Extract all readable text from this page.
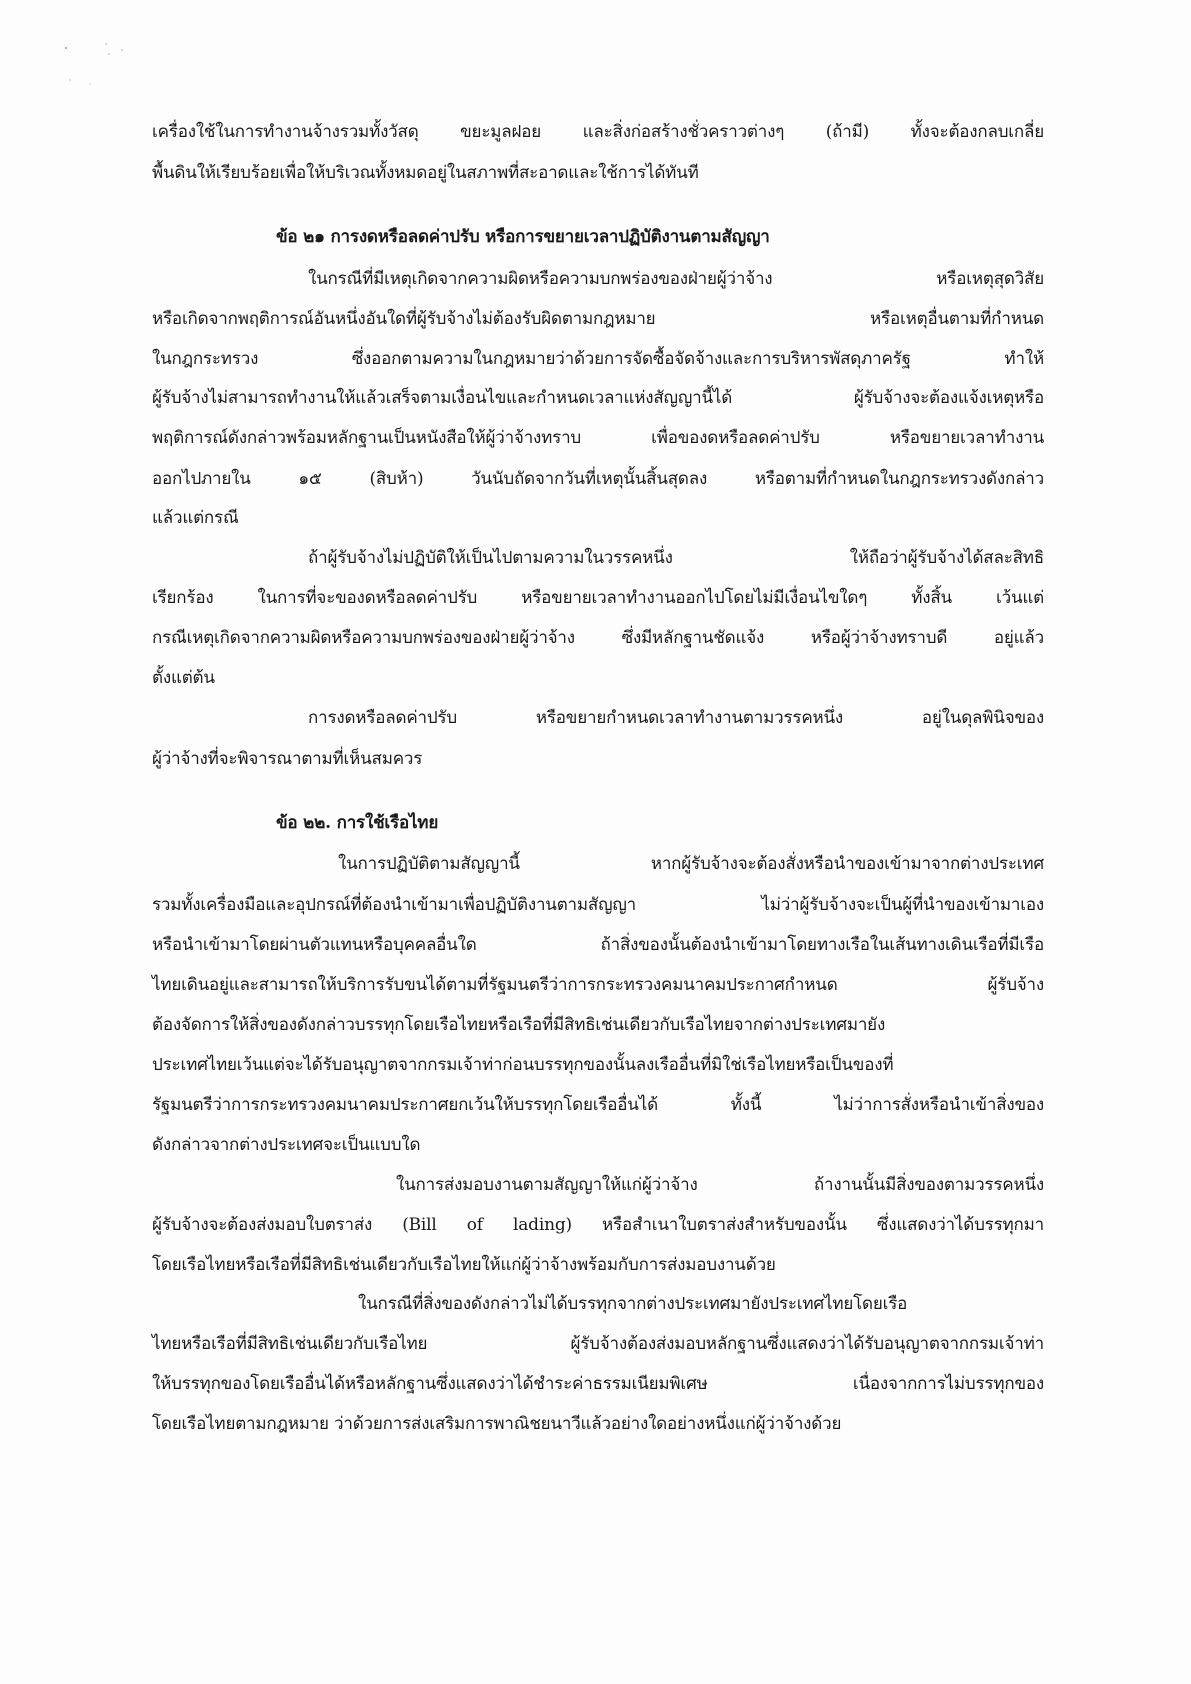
เครื่องใช้ในการทำงานจ้างรวมทั้งวัสดุ ขยะมูลฝอย และสิ่งก่อสร้างชั่วคราวต่างๆ (ถ้ามี) ทั้งจะต้องกลบเกลี่ย
พื้นดินให้เรียบร้อยเพื่อให้บริเวณทั้งหมดอยู่ในสภาพที่สะอาดและใช้การได้ทันที
ข้อ ๒๑ การงดหรือลดค่าปรับ หรือการขยายเวลาปฏิบัติงานตามสัญญา
ในกรณีที่มีเหตุเกิดจากความผิดหรือความบกพร่องของฝ่ายผู้ว่าจ้าง หรือเหตุสุดวิสัย
หรือเกิดจากพฤติการณ์อันหนึ่งอันใดที่ผู้รับจ้างไม่ต้องรับผิดตามกฎหมาย หรือเหตุอื่นตามที่กำหนด
ในกฎกระทรวง ซึ่งออกตามความในกฎหมายว่าด้วยการจัดซื้อจัดจ้างและการบริหารพัสดุภาครัฐ ทำให้
ผู้รับจ้างไม่สามารถทำงานให้แล้วเสร็จตามเงื่อนไขและกำหนดเวลาแห่งสัญญานี้ได้ ผู้รับจ้างจะต้องแจ้งเหตุหรือ
พฤติการณ์ดังกล่าวพร้อมหลักฐานเป็นหนังสือให้ผู้ว่าจ้างทราบ เพื่อของดหรือลดค่าปรับ หรือขยายเวลาทำงาน
ออกไปภายใน ๑๕ (สิบห้า) วันนับถัดจากวันที่เหตุนั้นสิ้นสุดลง หรือตามที่กำหนดในกฎกระทรวงดังกล่าว
แล้วแต่กรณี
ถ้าผู้รับจ้างไม่ปฏิบัติให้เป็นไปตามความในวรรคหนึ่ง ให้ถือว่าผู้รับจ้างได้สละสิทธิ
เรียกร้อง ในการที่จะของดหรือลดค่าปรับ หรือขยายเวลาทำงานออกไปโดยไม่มีเงื่อนไขใดๆ ทั้งสิ้น เว้นแต่
กรณีเหตุเกิดจากความผิดหรือความบกพร่องของฝ่ายผู้ว่าจ้าง ซึ่งมีหลักฐานชัดแจ้ง หรือผู้ว่าจ้างทราบดี อยู่แล้ว
ตั้งแต่ต้น
การงดหรือลดค่าปรับ หรือขยายกำหนดเวลาทำงานตามวรรคหนึ่ง อยู่ในดุลพินิจของ
ผู้ว่าจ้างที่จะพิจารณาตามที่เห็นสมควร
ข้อ ๒๒. การใช้เรือไทย
ในการปฏิบัติตามสัญญานี้ หากผู้รับจ้างจะต้องสั่งหรือนำของเข้ามาจากต่างประเทศ
รวมทั้งเครื่องมือและอุปกรณ์ที่ต้องนำเข้ามาเพื่อปฏิบัติงานตามสัญญา ไม่ว่าผู้รับจ้างจะเป็นผู้ที่นำของเข้ามาเอง
หรือนำเข้ามาโดยผ่านตัวแทนหรือบุคคลอื่นใด ถ้าสิ่งของนั้นต้องนำเข้ามาโดยทางเรือในเส้นทางเดินเรือที่มีเรือ
ไทยเดินอยู่และสามารถให้บริการรับขนได้ตามที่รัฐมนตรีว่าการกระทรวงคมนาคมประกาศกำหนด ผู้รับจ้าง
ต้องจัดการให้สิ่งของดังกล่าวบรรทุกโดยเรือไทยหรือเรือที่มีสิทธิเช่นเดียวกับเรือไทยจากต่างประเทศมายัง
ประเทศไทยเว้นแต่จะได้รับอนุญาตจากกรมเจ้าท่าก่อนบรรทุกของนั้นลงเรืออื่นที่มิใช่เรือไทยหรือเป็นของที่
รัฐมนตรีว่าการกระทรวงคมนาคมประกาศยกเว้นให้บรรทุกโดยเรืออื่นได้ ทั้งนี้ ไม่ว่าการสั่งหรือนำเข้าสิ่งของ
ดังกล่าวจากต่างประเทศจะเป็นแบบใด
ในการส่งมอบงานตามสัญญาให้แก่ผู้ว่าจ้าง ถ้างานนั้นมีสิ่งของตามวรรคหนึ่ง
ผู้รับจ้างจะต้องส่งมอบใบตราส่ง (Bill of lading) หรือสำเนาใบตราส่งสำหรับของนั้น ซึ่งแสดงว่าได้บรรทุกมา
โดยเรือไทยหรือเรือที่มีสิทธิเช่นเดียวกับเรือไทยให้แก่ผู้ว่าจ้างพร้อมกับการส่งมอบงานด้วย
ในกรณีที่สิ่งของดังกล่าวไม่ได้บรรทุกจากต่างประเทศมายังประเทศไทยโดยเรือ
ไทยหรือเรือที่มีสิทธิเช่นเดียวกับเรือไทย ผู้รับจ้างต้องส่งมอบหลักฐานซึ่งแสดงว่าได้รับอนุญาตจากกรมเจ้าท่า
ให้บรรทุกของโดยเรืออื่นได้หรือหลักฐานซึ่งแสดงว่าได้ชำระค่าธรรมเนียมพิเศษ เนื่องจากการไม่บรรทุกของ
โดยเรือไทยตามกฎหมาย ว่าด้วยการส่งเสริมการพาณิชยนาวีแล้วอย่างใดอย่างหนึ่งแก่ผู้ว่าจ้างด้วย
